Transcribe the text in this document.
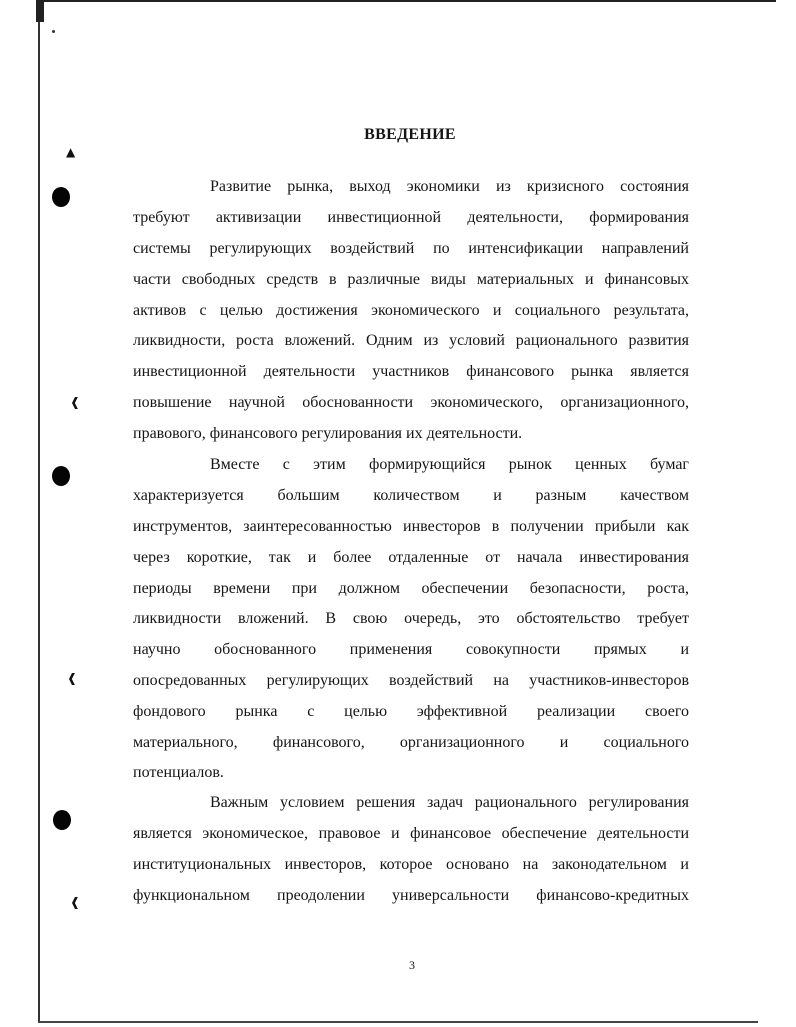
▲
❰
❰
❰
ВВЕДЕНИЕ
Развитие рынка, выход экономики из кризисного состояния
требуют активизации инвестиционной деятельности, формирования
системы регулирующих воздействий по интенсификации направлений
части свободных средств в различные виды материальных и финансовых
активов с целью достижения экономического и социального результата,
ликвидности, роста вложений. Одним из условий рационального развития
инвестиционной деятельности участников финансового рынка является
повышение научной обоснованности экономического, организационного,
правового, финансового регулирования их деятельности.
Вместе с этим формирующийся рынок ценных бумаг
характеризуется большим количеством и разным качеством
инструментов, заинтересованностью инвесторов в получении прибыли как
через короткие, так и более отдаленные от начала инвестирования
периоды времени при должном обеспечении безопасности, роста,
ликвидности вложений. В свою очередь, это обстоятельство требует
научно обоснованного применения совокупности прямых и
опосредованных регулирующих воздействий на участников-инвесторов
фондового рынка с целью эффективной реализации своего
материального, финансового, организационного и социального
потенциалов.
Важным условием решения задач рационального регулирования
является экономическое, правовое и финансовое обеспечение деятельности
институциональных инвесторов, которое основано на законодательном и
функциональном преодолении универсальности финансово-кредитных
3
